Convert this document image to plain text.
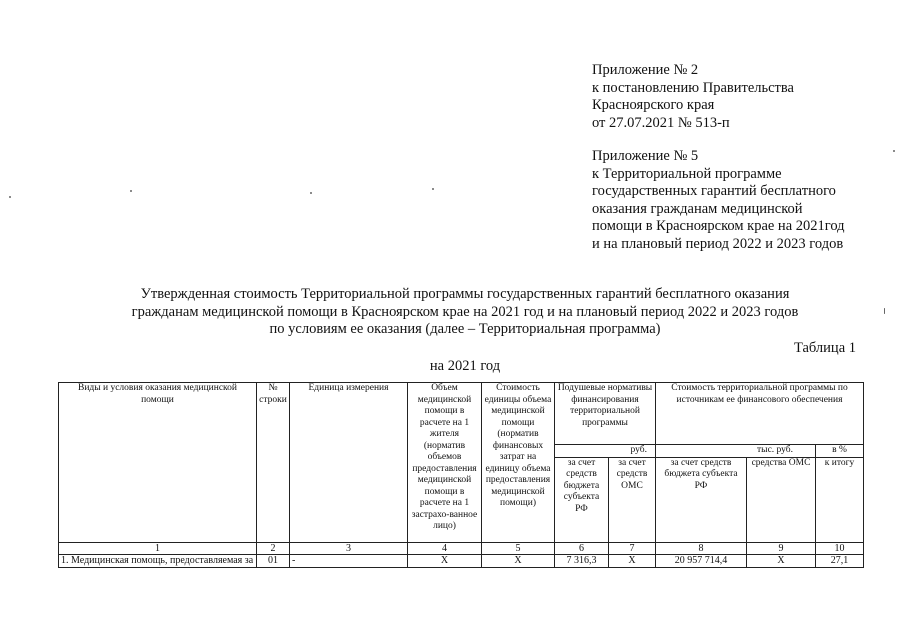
Приложение № 2
к постановлению Правительства
Красноярского края
от 27.07.2021 № 513-п
Приложение № 5
к Территориальной программе
государственных гарантий бесплатного
оказания гражданам медицинской
помощи в Красноярском крае на 2021год
и на плановый период 2022 и 2023 годов
Утвержденная стоимость Территориальной программы государственных гарантий бесплатного оказания
гражданам медицинской помощи в Красноярском крае на 2021 год и на плановый период 2022 и 2023 годов
по условиям ее оказания (далее – Территориальная программа)
Таблица 1
на 2021 год
Виды и условия оказания медицинской помощи	№ строки	Единица измерения	Объем медицинской помощи в расчете на 1 жителя (норматив объемов предоставления медицинской помощи в расчете на 1 застрахо-ванное лицо)	Стоимость единицы объема медицинской помощи (норматив финансовых затрат на единицу объема предоставления медицинской помощи)	Подушевые нормативы финансирования территориальной программы		Стоимость территориальной программы по источникам ее финансового обеспечения		
					руб.		тыс. руб.		в %
					за счет средств бюджета субъекта РФ	за счет средств ОМС	за счет средств бюджета субъекта РФ	средства ОМС	к итогу
1	2	3	4	5	6	7	8	9	10
1. Медицинская помощь, предоставляемая за	01	-	X	X	7 316,3	X	20 957 714,4	X	27,1
